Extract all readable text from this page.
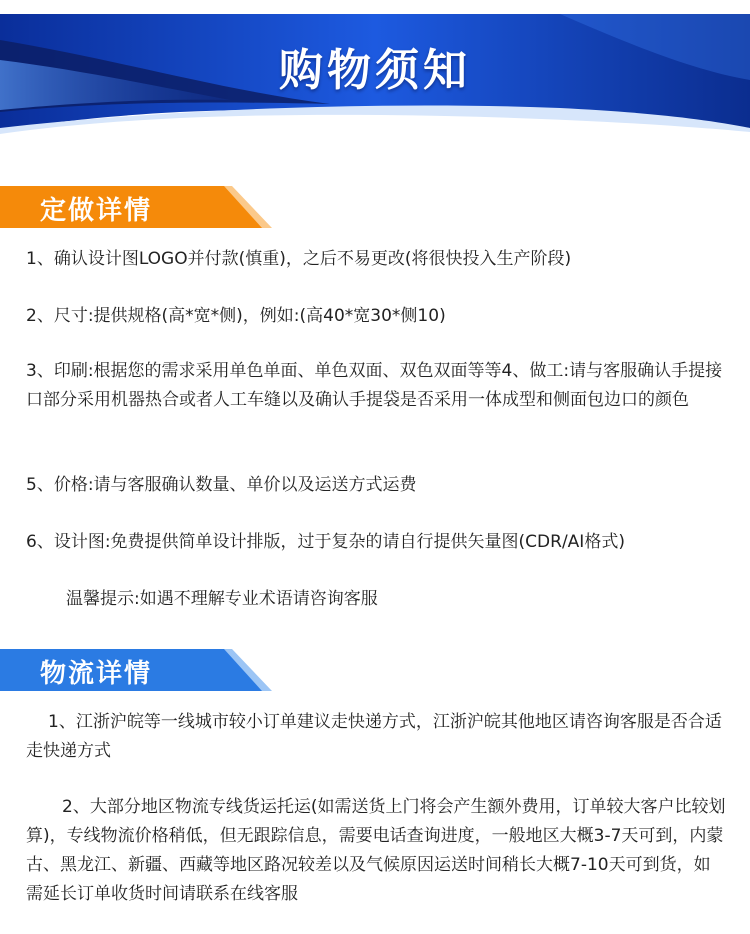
购物须知
定做详情

1、确认设计图LOGO并付款(慎重)，之后不易更改(将很快投入生产阶段)

2、尺寸:提供规格(高*宽*侧)，例如:(高40*宽30*侧10)

3、印刷:根据您的需求采用单色单面、单色双面、双色双面等等4、做工:请与客服确认手提接口部分采用机器热合或者人工车缝以及确认手提袋是否采用一体成型和侧面包边口的颜色

5、价格:请与客服确认数量、单价以及运送方式运费

6、设计图:免费提供简单设计排版，过于复杂的请自行提供矢量图(CDR/AI格式)

温馨提示:如遇不理解专业术语请咨询客服

物流详情

1、江浙沪皖等一线城市较小订单建议走快递方式，江浙沪皖其他地区请咨询客服是否合适走快递方式

2、大部分地区物流专线货运托运(如需送货上门将会产生额外费用，订单较大客户比较划算)，专线物流价格稍低，但无跟踪信息，需要电话查询进度，一般地区大概3-7天可到，内蒙古、黑龙江、新疆、西藏等地区路况较差以及气候原因运送时间稍长大概7-10天可到货，如需延长订单收货时间请联系在线客服
